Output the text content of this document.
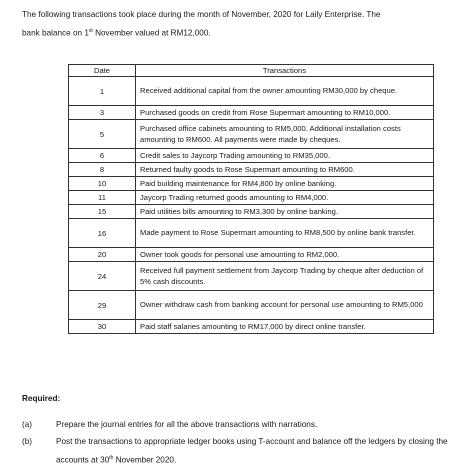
The following transactions took place during the month of November, 2020 for Laily Enterprise. The
bank balance on 1st November valued at RM12,000.
Date	Transactions
1	Received additional capital from the owner amounting RM30,000 by cheque.
3	Purchased goods on credit from Rose Supermart amounting to RM10,000.
5	Purchased office cabinets amounting to RM5,000. Additional installation costs amounting to RM600. All payments were made by cheques.
6	Credit sales to Jaycorp Trading amounting to RM35,000.
8	Returned faulty goods to Rose Supermart amounting to RM600.
10	Paid building maintenance for RM4,800 by online banking.
11	Jaycorp Trading returned goods amounting to RM4,000.
15	Paid utilities bills amounting to RM3,300 by online banking.
16	Made payment to Rose Supermart amounting to RM8,500 by online bank transfer.
20	Owner took goods for personal use amounting to RM2,000.
24	Received full payment settlement from Jaycorp Trading by cheque after deduction of 5% cash discounts.
29	Owner withdraw cash from banking account for personal use amounting to RM5,000
30	Paid staff salaries amounting to RM17,000 by direct online transfer.
Required:
(a)	Prepare the journal entries for all the above transactions with narrations.
(b)	Post the transactions to appropriate ledger books using T-account and balance off the ledgers by closing the accounts at 30th November 2020.
